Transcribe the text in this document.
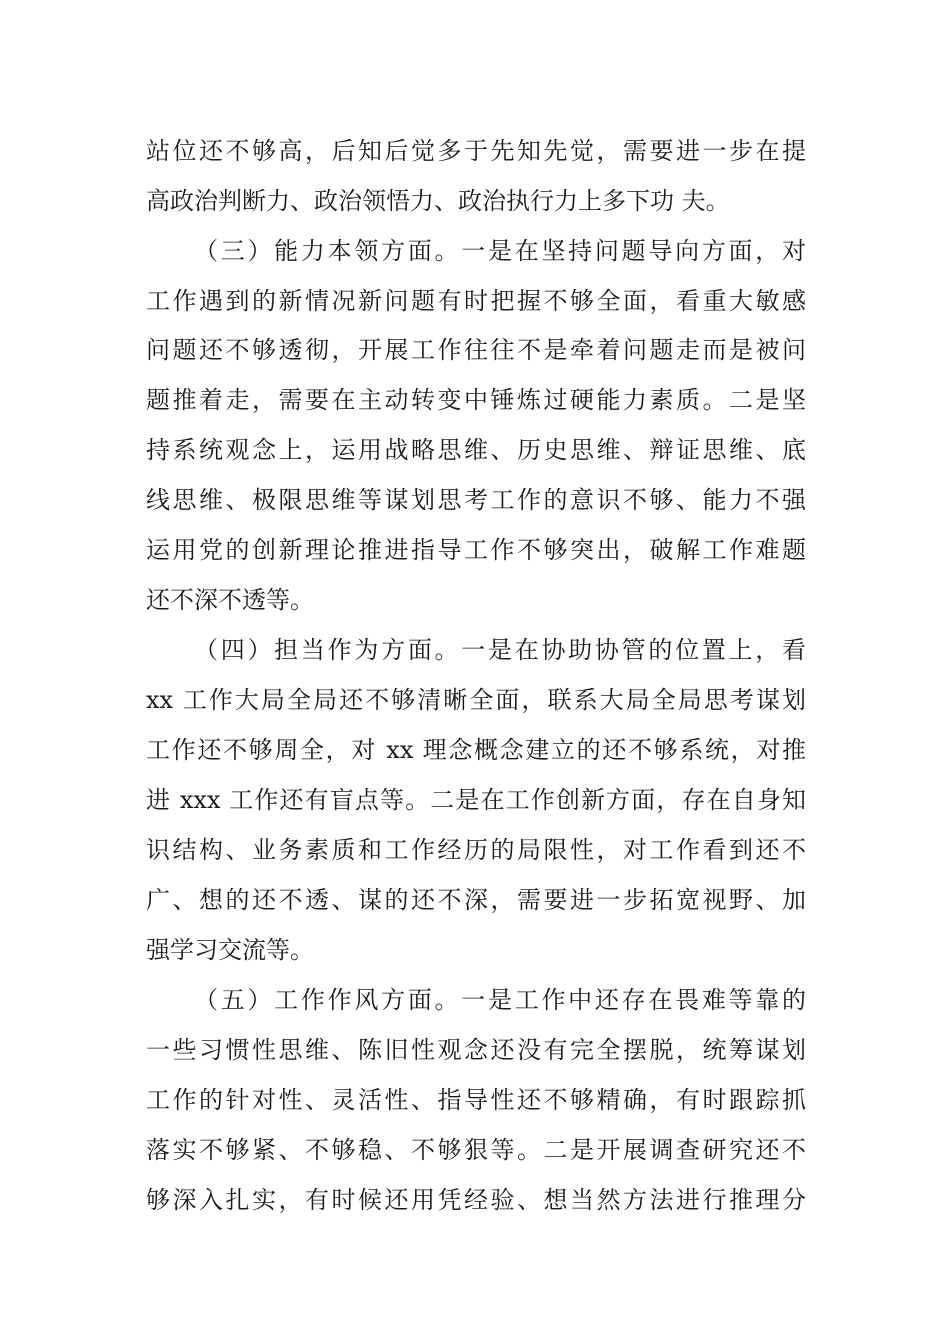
站位还不够高，后知后觉多于先知先觉，需要进一步在提
高政治判断力、政治领悟力、政治执行力上多下功 夫。
（三）能力本领方面。一是在坚持问题导向方面，对
工作遇到的新情况新问题有时把握不够全面，看重大敏感
问题还不够透彻，开展工作往往不是牵着问题走而是被问
题推着走，需要在主动转变中锤炼过硬能力素质。二是坚
持系统观念上，运用战略思维、历史思维、辩证思维、底
线思维、极限思维等谋划思考工作的意识不够、能力不强
运用党的创新理论推进指导工作不够突出，破解工作难题
还不深不透等。
（四）担当作为方面。一是在协助协管的位置上，看
xx 工作大局全局还不够清晰全面，联系大局全局思考谋划
工作还不够周全，对 xx 理念概念建立的还不够系统，对推
进 xxx 工作还有盲点等。二是在工作创新方面，存在自身知
识结构、业务素质和工作经历的局限性，对工作看到还不
广、想的还不透、谋的还不深，需要进一步拓宽视野、加
强学习交流等。
（五）工作作风方面。一是工作中还存在畏难等靠的
一些习惯性思维、陈旧性观念还没有完全摆脱，统筹谋划
工作的针对性、灵活性、指导性还不够精确，有时跟踪抓
落实不够紧、不够稳、不够狠等。二是开展调查研究还不
够深入扎实，有时候还用凭经验、想当然方法进行推理分
